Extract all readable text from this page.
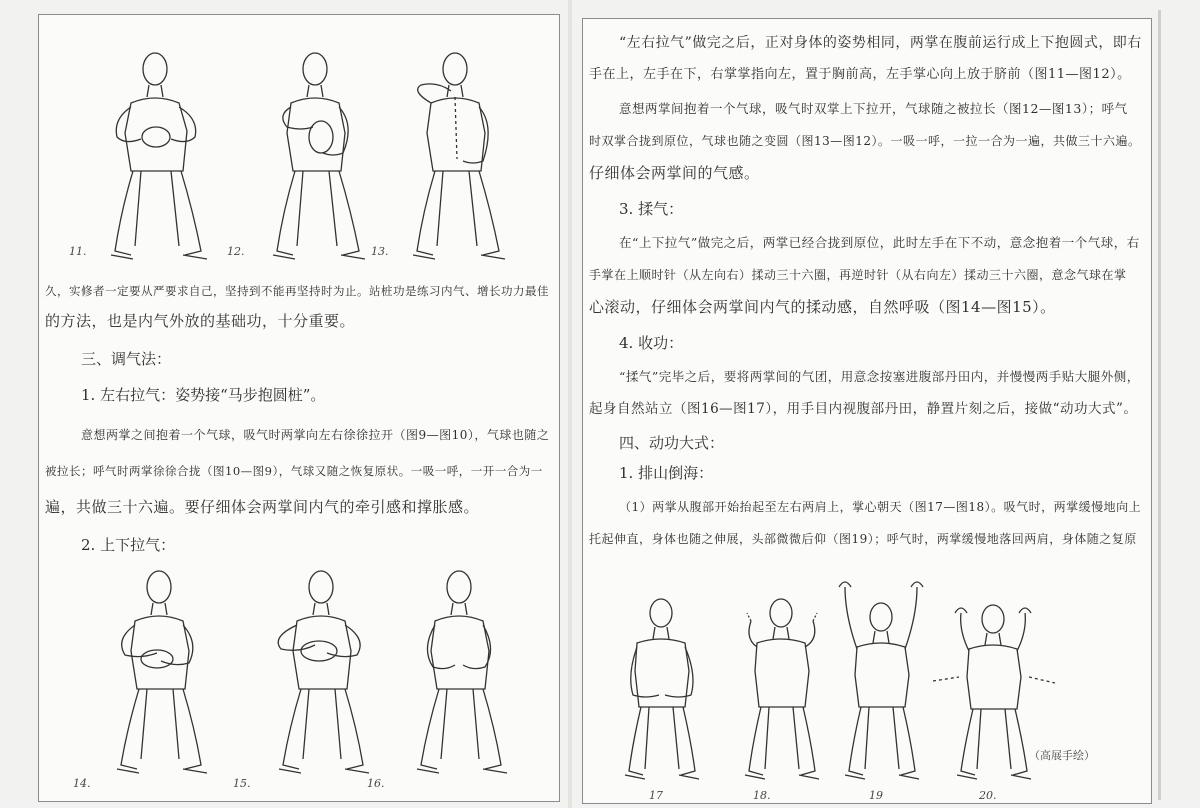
11.	12.	13.
久，实修者一定要从严要求自己，坚持到不能再坚持时为止。站桩功是练习内气、增长功力最佳
的方法，也是内气外放的基础功，十分重要。
三、调气法：
1. 左右拉气：姿势接“马步抱圆桩”。
意想两掌之间抱着一个气球，吸气时两掌向左右徐徐拉开（图9—图10），气球也随之
被拉长；呼气时两掌徐徐合拢（图10—图9），气球又随之恢复原状。一吸一呼，一开一合为一
遍，共做三十六遍。要仔细体会两掌间内气的牵引感和撑胀感。
2. 上下拉气：
14.	15.	16.
“左右拉气”做完之后，正对身体的姿势相同，两掌在腹前运行成上下抱圆式，即右
手在上，左手在下，右掌掌指向左，置于胸前高，左手掌心向上放于脐前（图11—图12）。
意想两掌间抱着一个气球，吸气时双掌上下拉开，气球随之被拉长（图12—图13）；呼气
时双掌合拢到原位，气球也随之变圆（图13—图12）。一吸一呼，一拉一合为一遍，共做三十六遍。
仔细体会两掌间的气感。
3. 揉气：
在“上下拉气”做完之后，两掌已经合拢到原位，此时左手在下不动，意念抱着一个气球，右
手掌在上顺时针（从左向右）揉动三十六圈，再逆时针（从右向左）揉动三十六圈，意念气球在掌
心滚动，仔细体会两掌间内气的揉动感，自然呼吸（图14—图15）。
4. 收功：
“揉气”完毕之后，要将两掌间的气团，用意念按塞进腹部丹田内，并慢慢两手贴大腿外侧，
起身自然站立（图16—图17），用手目内视腹部丹田，静置片刻之后，接做“动功大式”。
四、动功大式：
1. 排山倒海：
（1）两掌从腹部开始抬起至左右两肩上，掌心朝天（图17—图18）。吸气时，两掌缓慢地向上
托起伸直，身体也随之伸展，头部微微后仰（图19）；呼气时，两掌缓慢地落回两肩，身体随之复原
17	18.	19	20.
（高展手绘）
